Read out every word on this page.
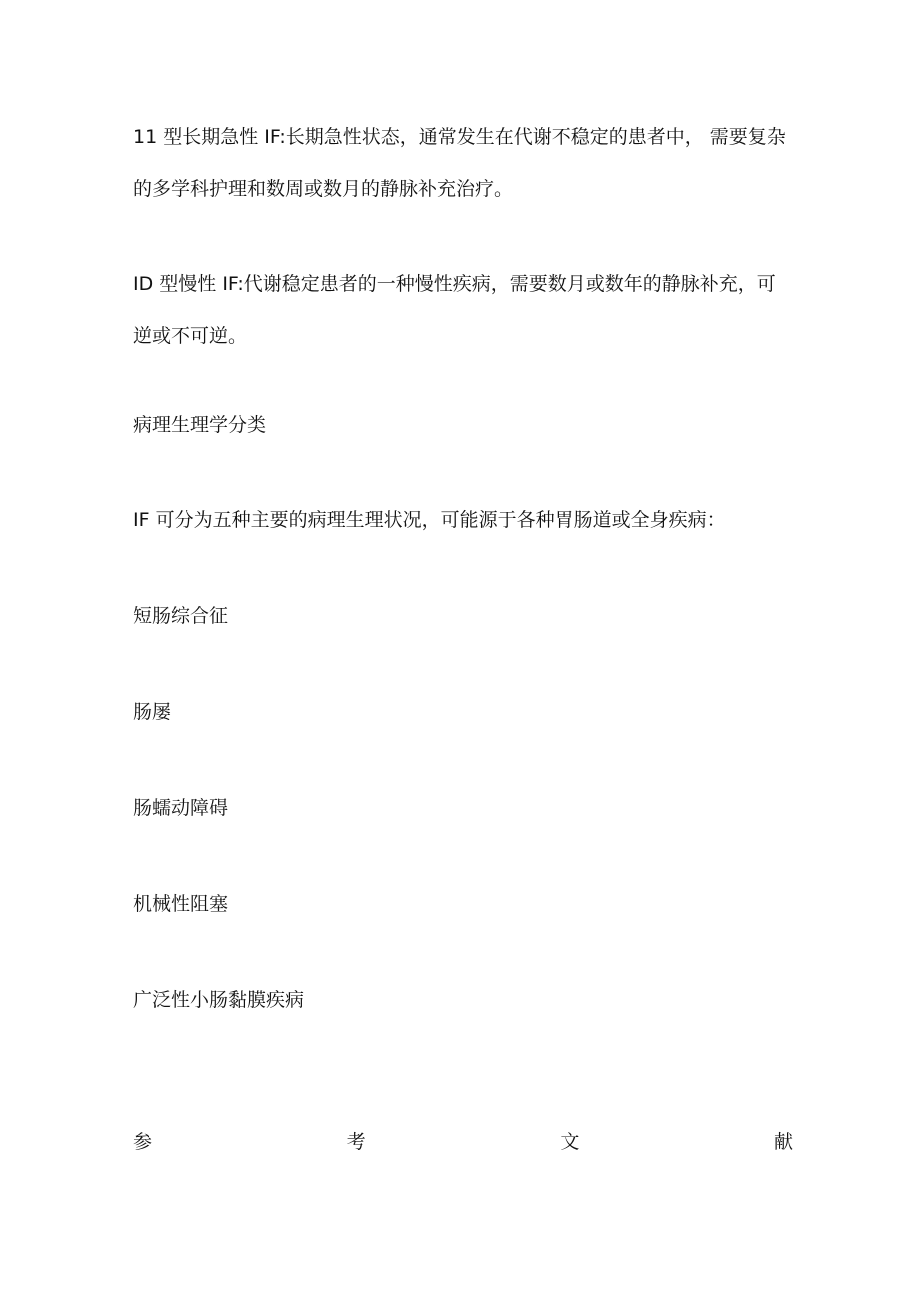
11 型长期急性 IF:长期急性状态，通常发生在代谢不稳定的患者中， 需要复杂的多学科护理和数周或数月的静脉补充治疗。

ID 型慢性 IF:代谢稳定患者的一种慢性疾病，需要数月或数年的静脉补充，可逆或不可逆。

病理生理学分类

IF 可分为五种主要的病理生理状况，可能源于各种胃肠道或全身疾病：

短肠综合征

肠屡

肠蠕动障碍

机械性阻塞

广泛性小肠黏膜疾病

参	考	文	献
